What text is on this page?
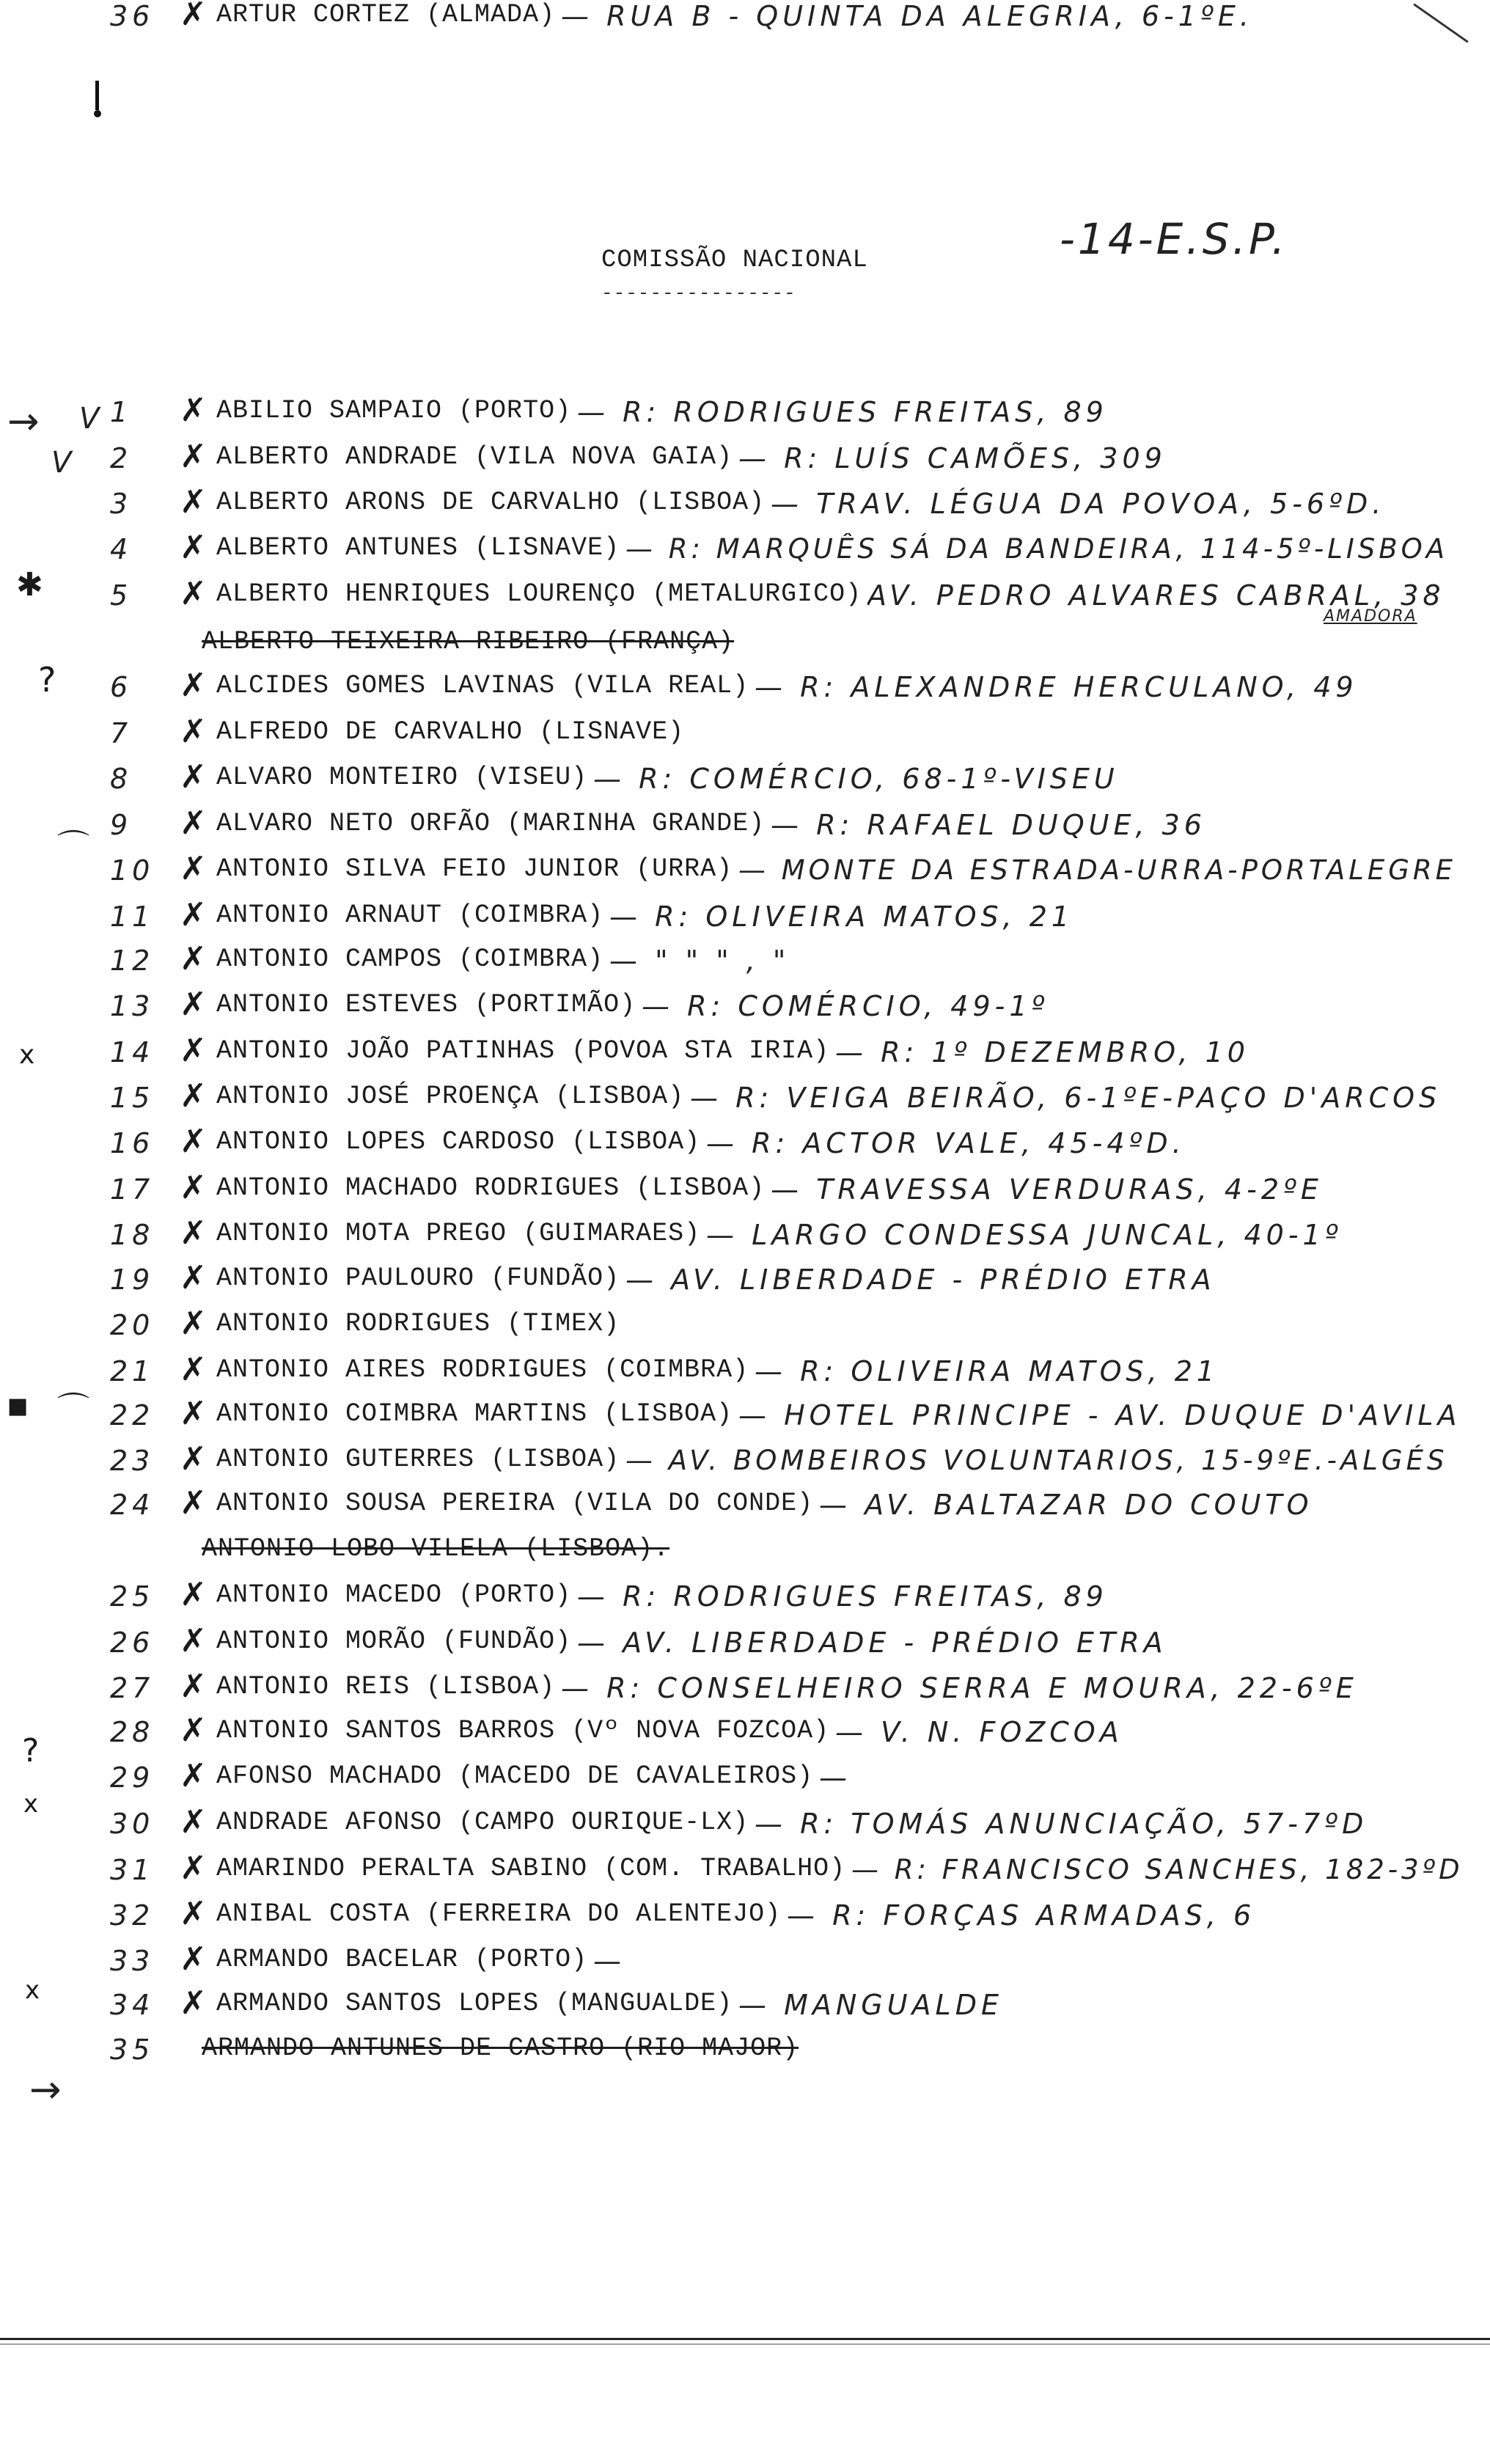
COMISSÃO NACIONAL
----------------
-14-E.S.P.
→ V
V
✱
?
⌒
x
⌒
■
?
x
x
→
1	✗ ABILIO SAMPAIO (PORTO) — R: RODRIGUES FREITAS, 89
2	✗ ALBERTO ANDRADE (VILA NOVA GAIA) — R: LUÍS CAMÕES, 309
3	✗ ALBERTO ARONS DE CARVALHO (LISBOA) — TRAV. LÉGUA DA POVOA, 5-6ºD.
4	✗ ALBERTO ANTUNES (LISNAVE) — R: MARQUÊS SÁ DA BANDEIRA, 114-5º-LISBOA
5	✗ ALBERTO HENRIQUES LOURENÇO (METALURGICO) AV. PEDRO ALVARES CABRAL, 38
ALBERTO TEIXEIRA RIBEIRO (FRANÇA)
6	✗ ALCIDES GOMES LAVINAS (VILA REAL) — R: ALEXANDRE HERCULANO, 49
7	✗ ALFREDO DE CARVALHO (LISNAVE)
8	✗ ALVARO MONTEIRO (VISEU) — R: COMÉRCIO, 68-1º-VISEU
9	✗ ALVARO NETO ORFÃO (MARINHA GRANDE) — R: RAFAEL DUQUE, 36
10 ✗ ANTONIO SILVA FEIO JUNIOR (URRA) — MONTE DA ESTRADA-URRA-PORTALEGRE
11 ✗ ANTONIO ARNAUT (COIMBRA) — R: OLIVEIRA MATOS, 21
12 ✗ ANTONIO CAMPOS (COIMBRA) — " " " , "
13 ✗ ANTONIO ESTEVES (PORTIMÃO) — R: COMÉRCIO, 49-1º
14 ✗ ANTONIO JOÃO PATINHAS (POVOA STA IRIA) — R: 1º DEZEMBRO, 10
15 ✗ ANTONIO JOSÉ PROENÇA (LISBOA) — R: VEIGA BEIRÃO, 6-1ºE-PAÇO D'ARCOS
16 ✗ ANTONIO LOPES CARDOSO (LISBOA) — R: ACTOR VALE, 45-4ºD.
17 ✗ ANTONIO MACHADO RODRIGUES (LISBOA) — TRAVESSA VERDURAS, 4-2ºE
18 ✗ ANTONIO MOTA PREGO (GUIMARAES) — LARGO CONDESSA JUNCAL, 40-1º
19 ✗ ANTONIO PAULOURO (FUNDÃO) — AV. LIBERDADE - PRÉDIO ETRA
20 ✗ ANTONIO RODRIGUES (TIMEX)
21 ✗ ANTONIO AIRES RODRIGUES (COIMBRA) — R: OLIVEIRA MATOS, 21
22 ✗ ANTONIO COIMBRA MARTINS (LISBOA) — HOTEL PRINCIPE - AV. DUQUE D'AVILA
23 ✗ ANTONIO GUTERRES (LISBOA) — AV. BOMBEIROS VOLUNTARIOS, 15-9ºE.-ALGÉS
24 ✗ ANTONIO SOUSA PEREIRA (VILA DO CONDE) — AV. BALTAZAR DO COUTO
ANTONIO LOBO VILELA (LISBOA).
25 ✗ ANTONIO MACEDO (PORTO) — R: RODRIGUES FREITAS, 89
26 ✗ ANTONIO MORÃO (FUNDÃO) — AV. LIBERDADE - PRÉDIO ETRA
27 ✗ ANTONIO REIS (LISBOA) — R: CONSELHEIRO SERRA E MOURA, 22-6ºE
28 ✗ ANTONIO SANTOS BARROS (Vº NOVA FOZCOA) — V. N. FOZCOA
29 ✗ AFONSO MACHADO (MACEDO DE CAVALEIROS) —
30 ✗ ANDRADE AFONSO (CAMPO OURIQUE-LX) — R: TOMÁS ANUNCIAÇÃO, 57-7ºD
31 ✗ AMARINDO PERALTA SABINO (COM. TRABALHO) — R: FRANCISCO SANCHES, 182-3ºD
32 ✗ ANIBAL COSTA (FERREIRA DO ALENTEJO) — R: FORÇAS ARMADAS, 6
33 ✗ ARMANDO BACELAR (PORTO) —
34 ✗ ARMANDO SANTOS LOPES (MANGUALDE) — MANGUALDE
35	ARMANDO ANTUNES DE CASTRO (RIO MAJOR)
36 ✗ ARTUR CORTEZ (ALMADA) — RUA B - QUINTA DA ALEGRIA, 6-1ºE.
AMADORA
